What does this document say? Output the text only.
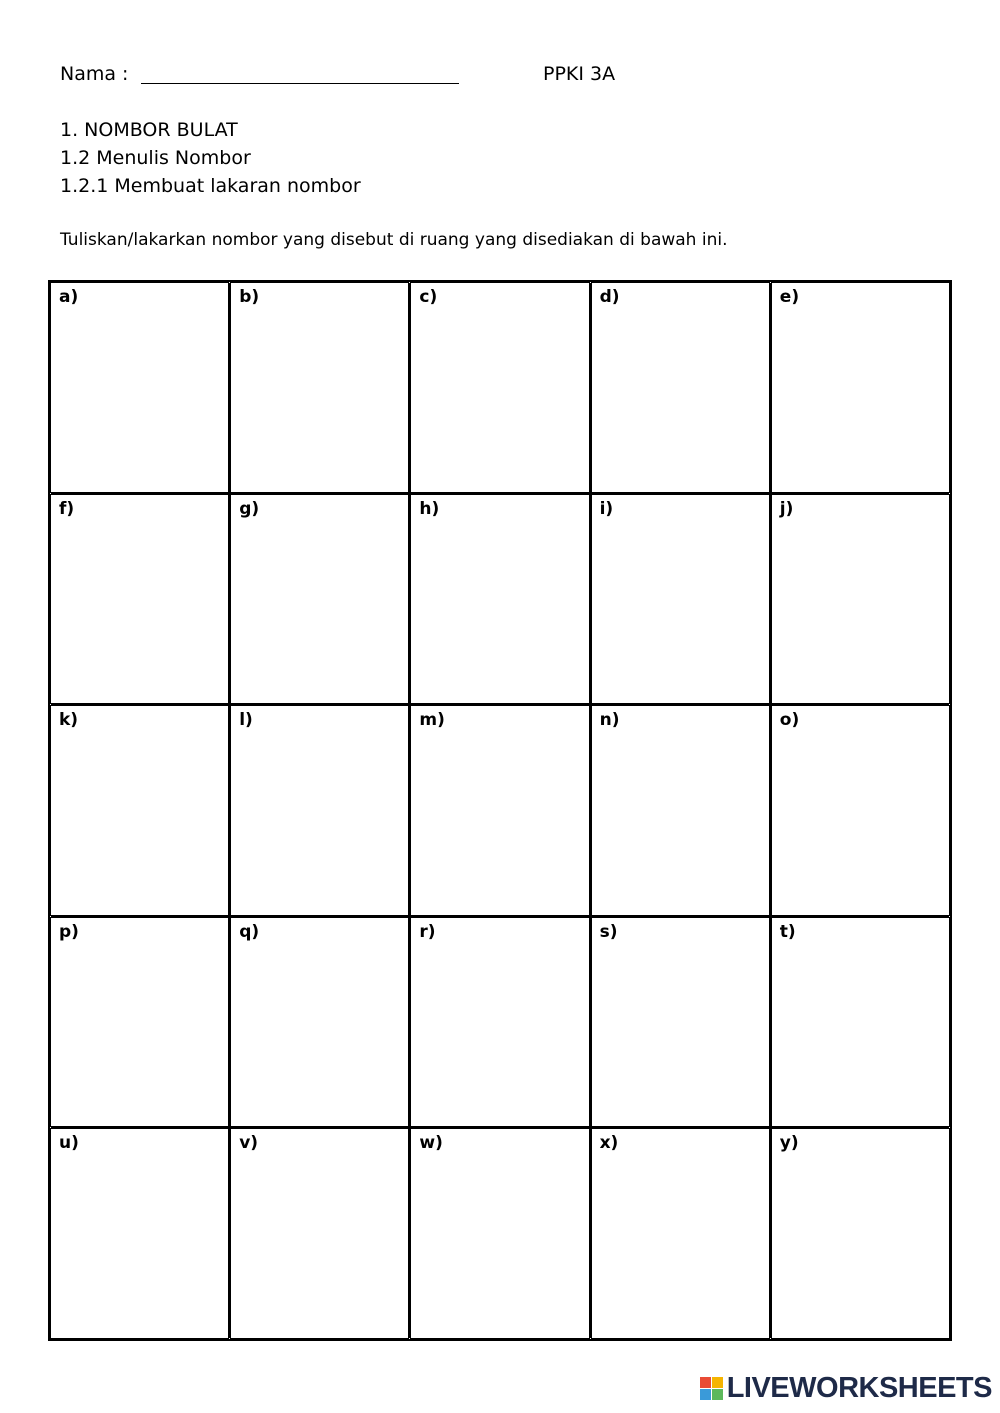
Nama :	PPKI 3A
1. NOMBOR BULAT
1.2 Menulis Nombor
1.2.1 Membuat lakaran nombor
Tuliskan/lakarkan nombor yang disebut di ruang yang disediakan di bawah ini.
a)	b)	c)	d)	e)
f)	g)	h)	i)	j)
k)	l)	m)	n)	o)
p)	q)	r)	s)	t)
u)	v)	w)	x)	y)
LIVEWORKSHEETS
